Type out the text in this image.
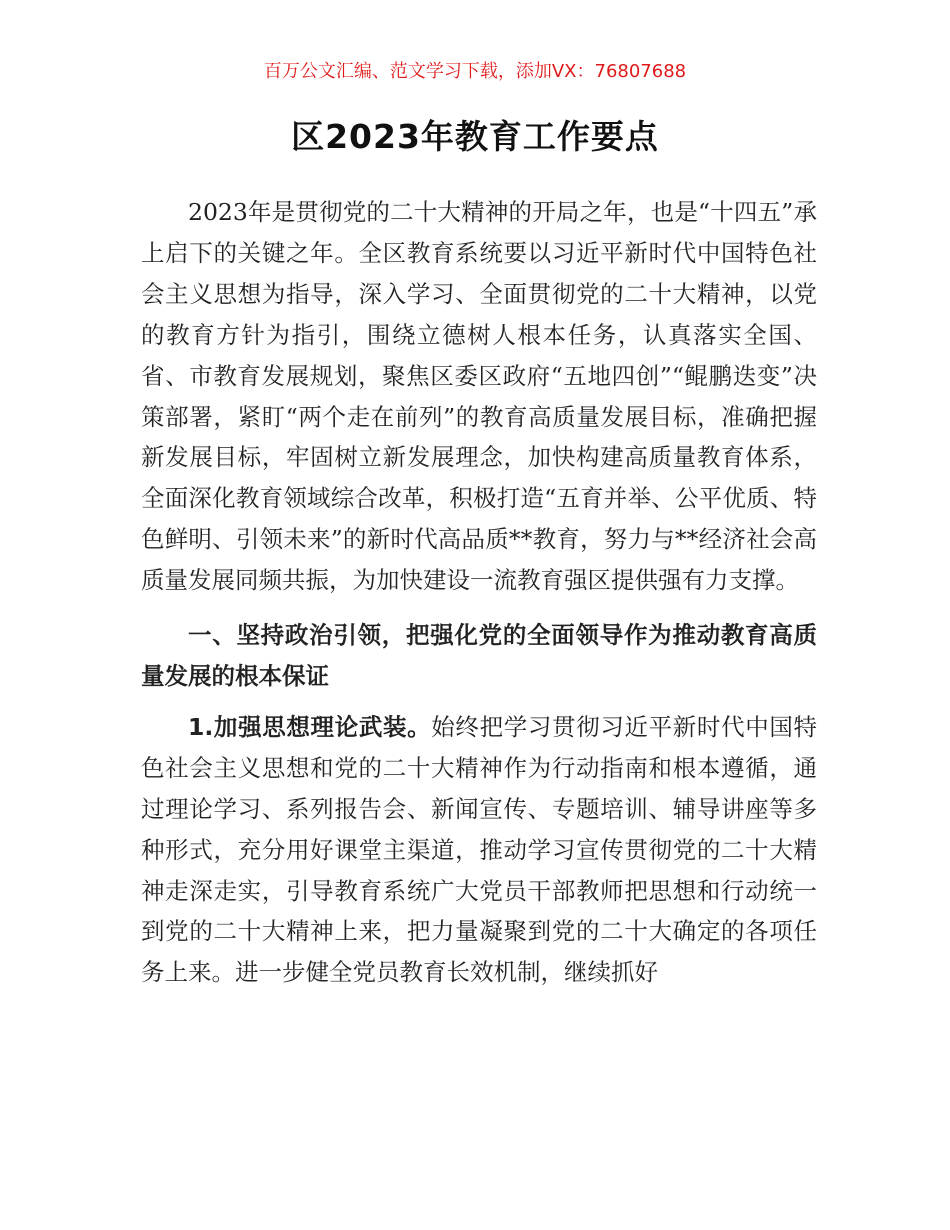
百万公文汇编、范文学习下载，添加VX：76807688
区2023年教育工作要点

2023年是贯彻党的二十大精神的开局之年，也是“十四五”承上启下的关键之年。全区教育系统要以习近平新时代中国特色社会主义思想为指导，深入学习、全面贯彻党的二十大精神，以党的教育方针为指引，围绕立德树人根本任务，认真落实全国、省、市教育发展规划，聚焦区委区政府“五地四创”“鲲鹏迭变”决策部署，紧盯“两个走在前列”的教育高质量发展目标，准确把握新发展目标，牢固树立新发展理念，加快构建高质量教育体系，全面深化教育领域综合改革，积极打造“五育并举、公平优质、特色鲜明、引领未来”的新时代高品质**教育，努力与**经济社会高质量发展同频共振，为加快建设一流教育强区提供强有力支撑。

一、坚持政治引领，把强化党的全面领导作为推动教育高质量发展的根本保证

1.加强思想理论武装。始终把学习贯彻习近平新时代中国特色社会主义思想和党的二十大精神作为行动指南和根本遵循，通过理论学习、系列报告会、新闻宣传、专题培训、辅导讲座等多种形式，充分用好课堂主渠道，推动学习宣传贯彻党的二十大精神走深走实，引导教育系统广大党员干部教师把思想和行动统一到党的二十大精神上来，把力量凝聚到党的二十大确定的各项任务上来。进一步健全党员教育长效机制，继续抓好
